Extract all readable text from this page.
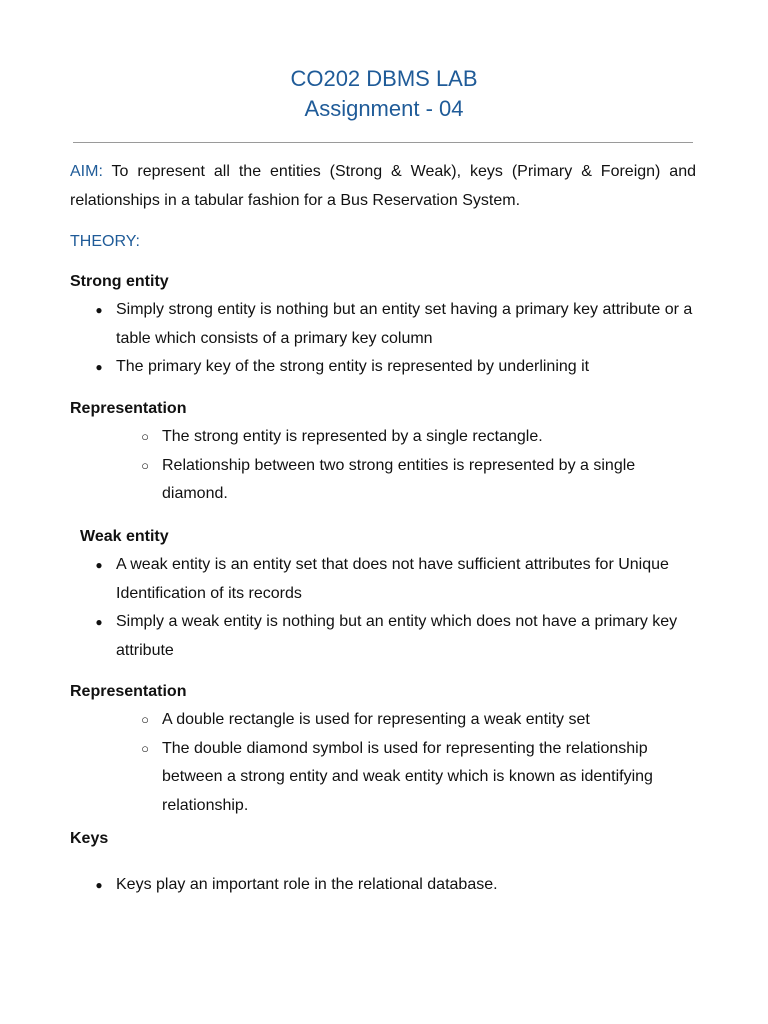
CO202 DBMS LAB
Assignment - 04
AIM: To represent all the entities (Strong & Weak), keys (Primary & Foreign) and relationships in a tabular fashion for a Bus Reservation System.
THEORY:
Strong entity
● Simply strong entity is nothing but an entity set having a primary key attribute or a table which consists of a primary key column
● The primary key of the strong entity is represented by underlining it
Representation
○ The strong entity is represented by a single rectangle.
○ Relationship between two strong entities is represented by a single diamond.
Weak entity
● A weak entity is an entity set that does not have sufficient attributes for Unique Identification of its records
● Simply a weak entity is nothing but an entity which does not have a primary key attribute
Representation
○ A double rectangle is used for representing a weak entity set
○ The double diamond symbol is used for representing the relationship between a strong entity and weak entity which is known as identifying relationship.
Keys
● Keys play an important role in the relational database.
